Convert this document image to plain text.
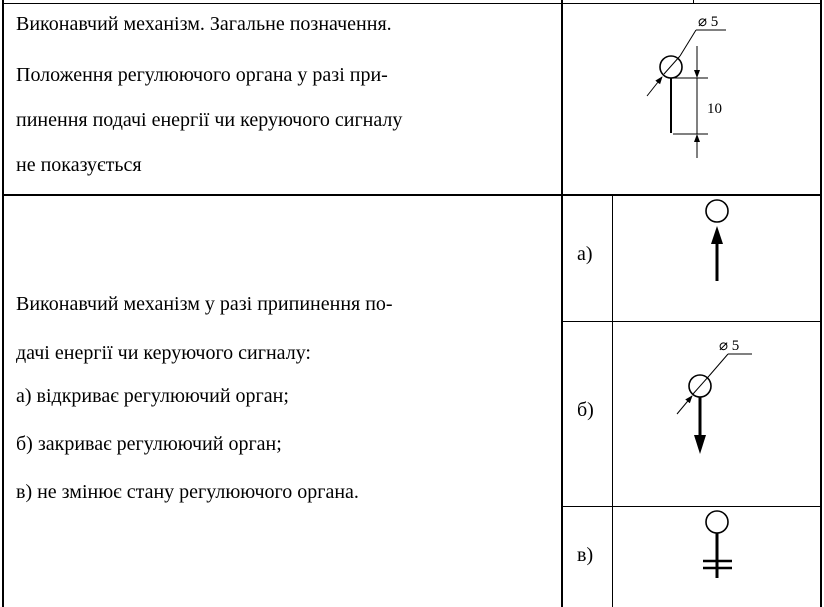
Виконавчий механізм. Загальне позначення.
Положення регулюючого органа у разі при-
пинення подачі енергії чи керуючого сигналу
не показується
Виконавчий механізм у разі припинення по-
дачі енергії чи керуючого сигналу:
а) відкриває регулюючий орган;
б) закриває регулюючий орган;
в) не змінює стану регулюючого органа.
а)
б)
в)
⌀ 5
10
⌀ 5
